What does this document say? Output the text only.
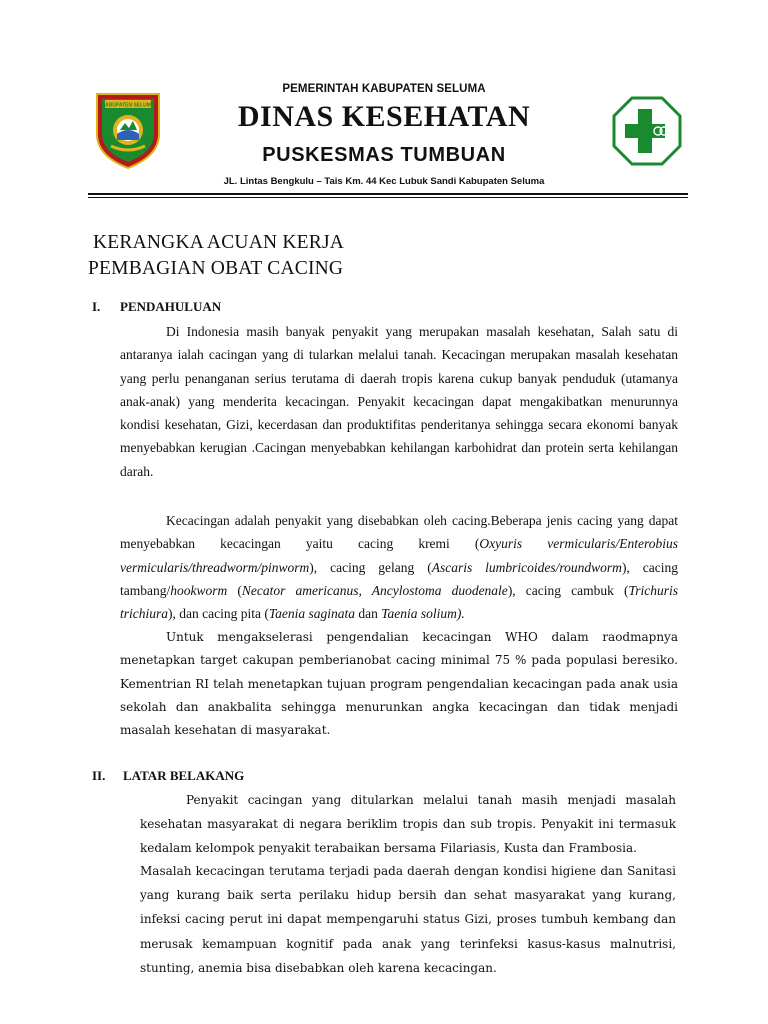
KABUPATEN SELUMA
PEMERINTAH KABUPATEN SELUMA
DINAS KESEHATAN
PUSKESMAS TUMBUAN
JL. Lintas Bengkulu – Tais Km. 44 Kec Lubuk Sandi Kabupaten Seluma
KERANGKA ACUAN KERJA
PEMBAGIAN OBAT CACING
I. PENDAHULUAN
Di Indonesia masih banyak penyakit yang merupakan masalah kesehatan, Salah satu di antaranya ialah cacingan yang di tularkan melalui tanah. Kecacingan merupakan masalah kesehatan yang perlu penanganan serius terutama di daerah tropis karena cukup banyak penduduk (utamanya anak-anak) yang menderita kecacingan. Penyakit kecacingan dapat mengakibatkan menurunnya kondisi kesehatan, Gizi, kecerdasan dan produktifitas penderitanya sehingga secara ekonomi banyak menyebabkan kerugian .Cacingan menyebabkan kehilangan karbohidrat dan protein serta kehilangan darah.
Kecacingan adalah penyakit yang disebabkan oleh cacing.Beberapa jenis cacing yang dapat menyebabkan kecacingan yaitu cacing kremi (Oxyuris vermicularis/Enterobius vermicularis/threadworm/pinworm), cacing gelang (Ascaris lumbricoides/roundworm), cacing tambang/hookworm (Necator americanus, Ancylostoma duodenale), cacing cambuk (Trichuris trichiura), dan cacing pita (Taenia saginata dan Taenia solium).
Untuk mengakselerasi pengendalian kecacingan WHO dalam raodmapnya menetapkan target cakupan pemberianobat cacing minimal 75 % pada populasi beresiko. Kementrian RI telah menetapkan tujuan program pengendalian kecacingan pada anak usia sekolah dan anakbalita sehingga menurunkan angka kecacingan dan tidak menjadi masalah kesehatan di masyarakat.
II. LATAR BELAKANG
Penyakit cacingan yang ditularkan melalui tanah masih menjadi masalah kesehatan masyarakat di negara beriklim tropis dan sub tropis. Penyakit ini termasuk kedalam kelompok penyakit terabaikan bersama Filariasis, Kusta dan Frambosia.
Masalah kecacingan terutama terjadi pada daerah dengan kondisi higiene dan Sanitasi yang kurang baik serta perilaku hidup bersih dan sehat masyarakat yang kurang, infeksi cacing perut ini dapat mempengaruhi status Gizi, proses tumbuh kembang dan merusak kemampuan kognitif pada anak yang terinfeksi kasus-kasus malnutrisi, stunting, anemia bisa disebabkan oleh karena kecacingan.
